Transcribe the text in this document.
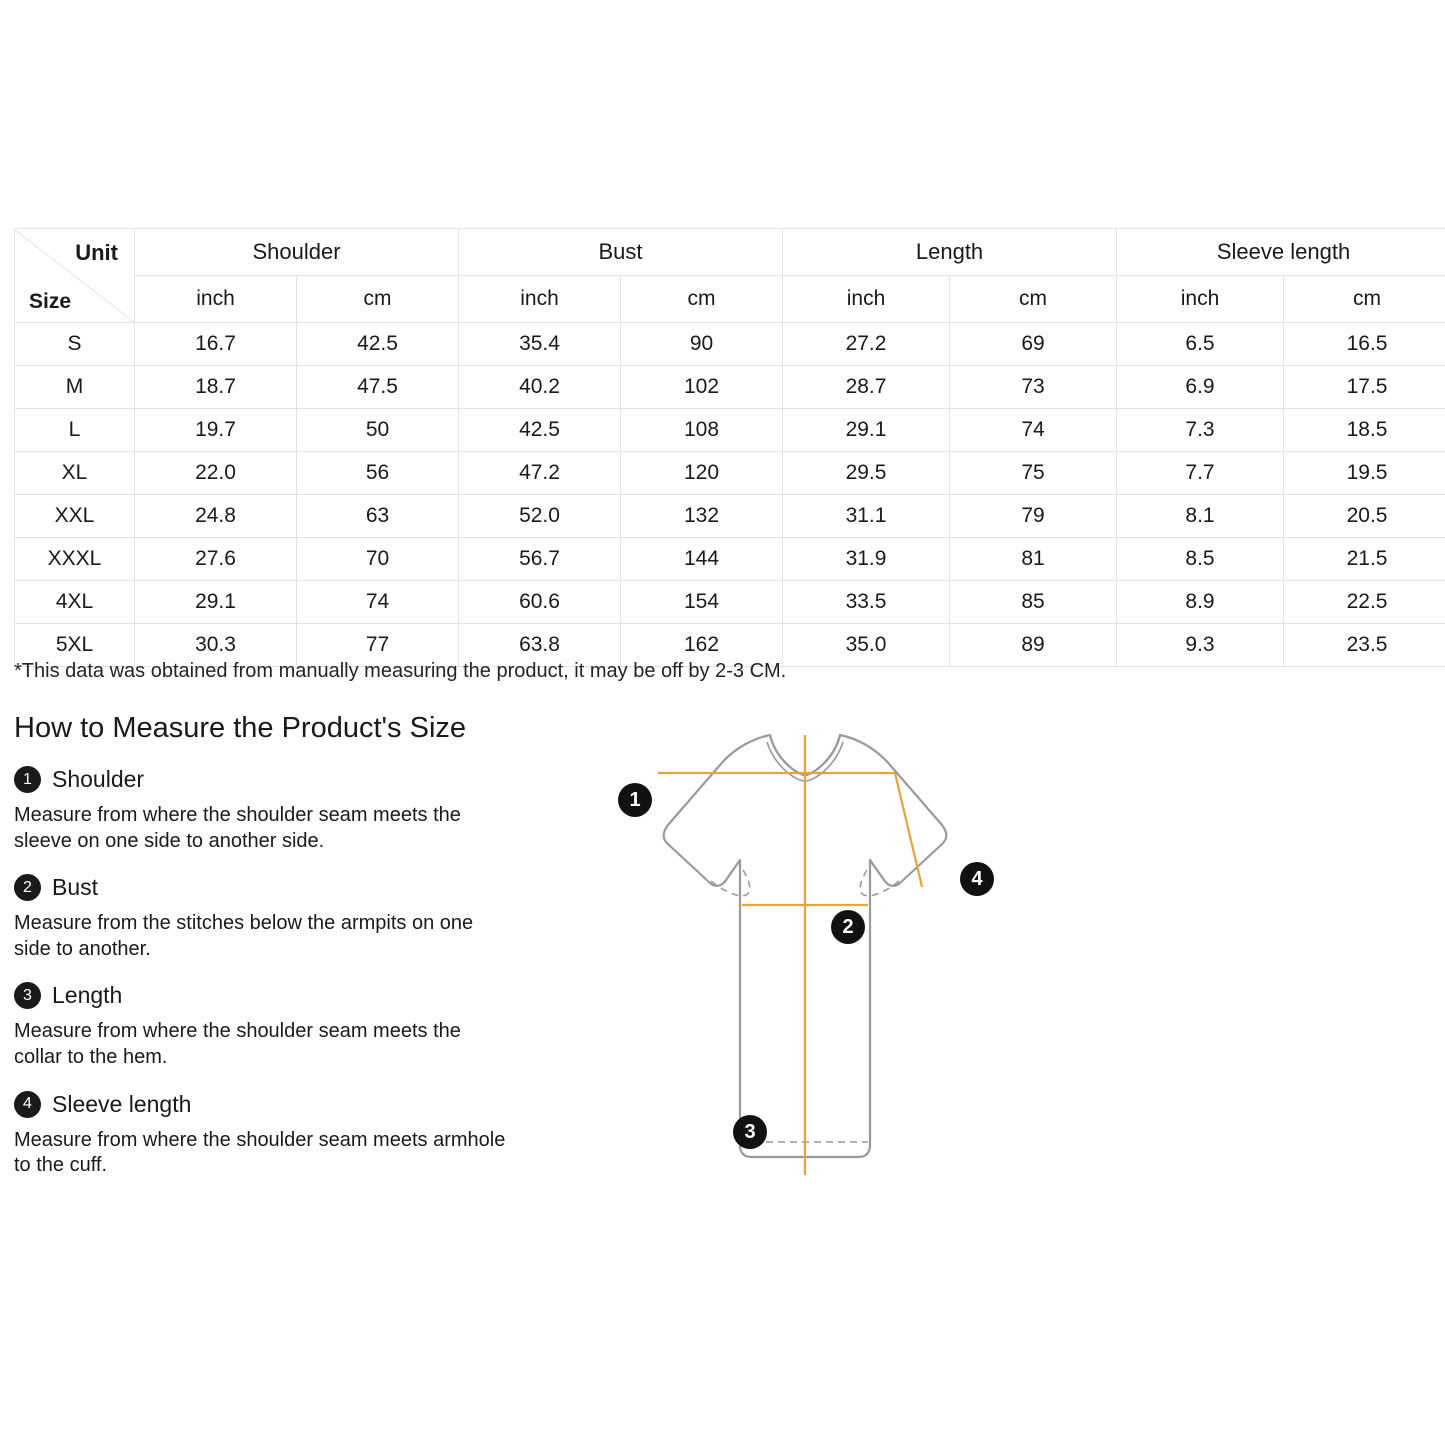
Unit
Size	Shoulder		Bust		Length		Sleeve length	
	inch	cm	inch	cm	inch	cm	inch	cm
S	16.7	42.5	35.4	90	27.2	69	6.5	16.5
M	18.7	47.5	40.2	102	28.7	73	6.9	17.5
L	19.7	50	42.5	108	29.1	74	7.3	18.5
XL	22.0	56	47.2	120	29.5	75	7.7	19.5
XXL	24.8	63	52.0	132	31.1	79	8.1	20.5
XXXL	27.6	70	56.7	144	31.9	81	8.5	21.5
4XL	29.1	74	60.6	154	33.5	85	8.9	22.5
5XL	30.3	77	63.8	162	35.0	89	9.3	23.5
*This data was obtained from manually measuring the product, it may be off by 2-3 CM.
How to Measure the Product's Size
1 Shoulder
Measure from where the shoulder seam meets the sleeve on one side to another side.
2 Bust
Measure from the stitches below the armpits on one side to another.
3 Length
Measure from where the shoulder seam meets the collar to the hem.
4 Sleeve length
Measure from where the shoulder seam meets armhole to the cuff.
1
2
3
4
